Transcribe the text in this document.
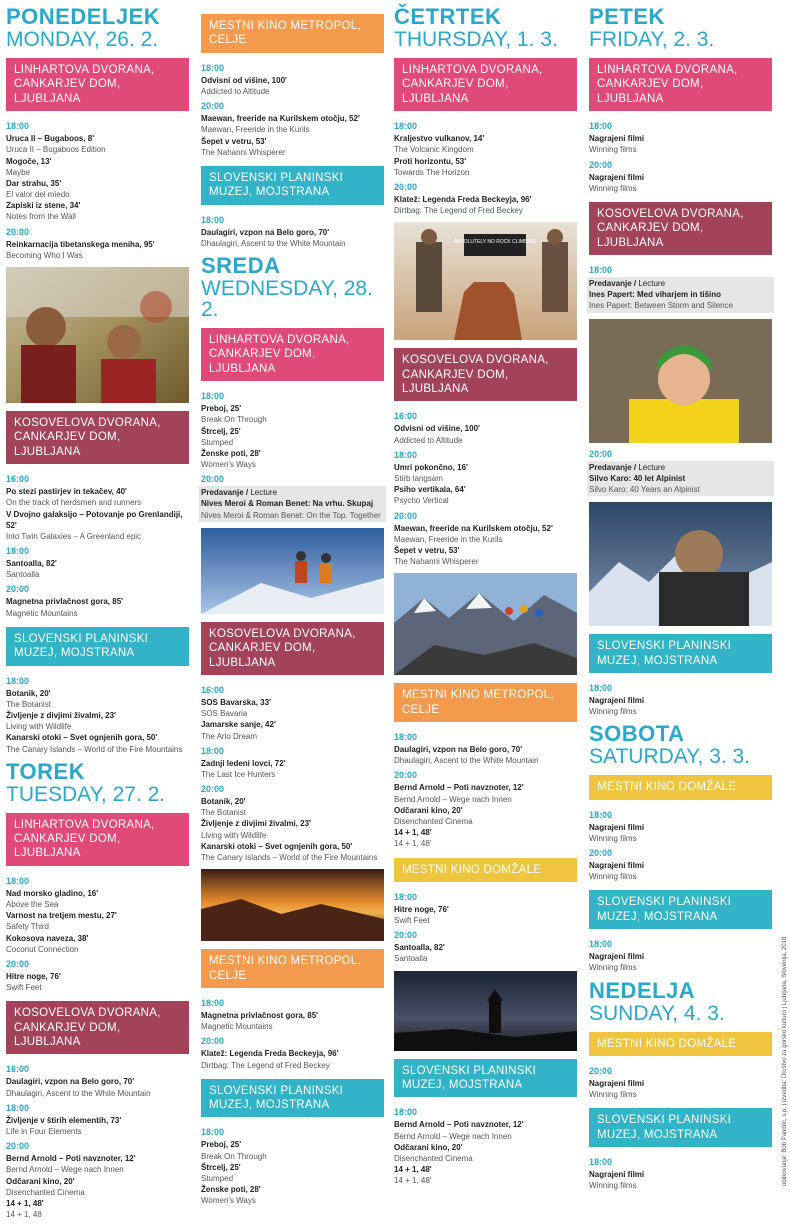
PONEDELJEK
MONDAY, 26. 2.
LINHARTOVA DVORANA, CANKARJEV DOM, LJUBLJANA
18:00
Uruca II – Bugaboos, 8'
Uruca II – Bugaboos Edition
Mogoče, 13'
Maybe
Dar strahu, 35'
El valor del miedo
Zapiski iz stene, 34'
Notes from the Wall
20:00
Reinkarnacija tibetanskega meniha, 95'
Becoming Who I Was
KOSOVELOVA DVORANA, CANKARJEV DOM, LJUBLJANA
16:00
Po stezi pastirjev in tekačev, 40'
On the track of herdsmen and runners
V Dvojno galaksijo – Potovanje po Grenlandiji, 52'
Into Twin Galaxies – A Greenland epic
18:00
Santoalla, 82'
Santoalla
20:00
Magnetna privlačnost gora, 85'
Magnetic Mountains
SLOVENSKI PLANINSKI MUZEJ, MOJSTRANA
18:00
Botanik, 20'
The Botanist
Življenje z divjimi živalmi, 23'
Living with Wildlife
Kanarski otoki – Svet ognjenih gora, 50'
The Canary Islands – World of the Fire Mountains
TOREK
TUESDAY, 27. 2.
LINHARTOVA DVORANA, CANKARJEV DOM, LJUBLJANA
18:00
Nad morsko gladino, 16'
Above the Sea
Varnost na tretjem mestu, 27'
Safety Third
Kokosova naveza, 38'
Coconut Connection
20:00
Hitre noge, 76'
Swift Feet
KOSOVELOVA DVORANA, CANKARJEV DOM, LJUBLJANA
16:00
Daulagiri, vzpon na Belo goro, 70'
Dhaulagiri, Ascent to the White Mountain
18:00
Življenje v štirih elementih, 73'
Life in Four Elements
20:00
Bernd Arnold – Poti navznoter, 12'
Bernd Arnold – Wege nach Innen
Odčarani kino, 20'
Disenchanted Cinema
14 + 1, 48'
14 + 1, 48
MESTNI KINO METROPOL, CELJE
18:00
Odvisni od višine, 100'
Addicted to Altitude
20:00
Maewan, freeride na Kurilskem otočju, 52'
Maewan, Freeride in the Kurils
Šepet v vetru, 53'
The Nahanni Whisperer
SLOVENSKI PLANINSKI MUZEJ, MOJSTRANA
18:00
Daulagiri, vzpon na Belo goro, 70'
Dhaulagiri, Ascent to the White Mountain
SREDA
WEDNESDAY, 28. 2.
LINHARTOVA DVORANA, CANKARJEV DOM, LJUBLJANA
18:00
Preboj, 25'
Break On Through
Štrcelj, 25'
Stumped
Ženske poti, 28'
Women's Ways
20:00
Predavanje / Lecture
Nives Meroi & Roman Benet: Na vrhu. Skupaj
Nives Meroi & Roman Benet: On the Top. Together
KOSOVELOVA DVORANA, CANKARJEV DOM, LJUBLJANA
16:00
SOS Bavarska, 33'
SOS Bavaria
Jamarske sanje, 42'
The Ario Dream
18:00
Zadnji ledeni lovci, 72'
The Last Ice Hunters
20:00
Botanik, 20'
The Botanist
Življenje z divjimi živalmi, 23'
Living with Wildlife
Kanarski otoki – Svet ognjenih gora, 50'
The Canary Islands – World of the Fire Mountains
MESTNI KINO METROPOL, CELJE
18:00
Magnetna privlačnost gora, 85'
Magnetic Mountains
20:00
Klatež: Legenda Freda Beckeyja, 96'
Dirtbag: The Legend of Fred Beckey
SLOVENSKI PLANINSKI MUZEJ, MOJSTRANA
18:00
Preboj, 25'
Break On Through
Štrcelj, 25'
Stumped
Ženske poti, 28'
Women's Ways
ČETRTEK
THURSDAY, 1. 3.
LINHARTOVA DVORANA, CANKARJEV DOM, LJUBLJANA
18:00
Kraljestvo vulkanov, 14'
The Volcanic Kingdom
Proti horizontu, 53'
Towards The Horizon
20:00
Klatež: Legenda Freda Beckeyja, 96'
Dirtbag: The Legend of Fred Beckey
ABSOLUTELY NO ROCK CLIMBING
KOSOVELOVA DVORANA, CANKARJEV DOM, LJUBLJANA
16:00
Odvisni od višine, 100'
Addicted to Altitude
18:00
Umri pokončno, 16'
Stirb langsam
Psiho vertikala, 64'
Psycho Vertical
20:00
Maewan, freeride na Kurilskem otočju, 52'
Maewan, Freeride in the Kurils
Šepet v vetru, 53'
The Nahanni Whisperer
MESTNI KINO METROPOL, CELJE
18:00
Daulagiri, vzpon na Belo goro, 70'
Dhaulagiri, Ascent to the White Mountain
20:00
Bernd Arnold – Poti navznoter, 12'
Bernd Arnold – Wege nach Innen
Odčarani kino, 20'
Disenchanted Cinema
14 + 1, 48'
14 + 1, 48'
MESTNI KINO DOMŽALE
18:00
Hitre noge, 76'
Swift Feet
20:00
Santoalla, 82'
Santoalla
SLOVENSKI PLANINSKI MUZEJ, MOJSTRANA
18:00
Bernd Arnold – Poti navznoter, 12'
Bernd Arnold – Wege nach Innen
Odčarani kino, 20'
Disenchanted Cinema
14 + 1, 48'
14 + 1, 48'
PETEK
FRIDAY, 2. 3.
LINHARTOVA DVORANA, CANKARJEV DOM, LJUBLJANA
18:00
Nagrajeni filmi
Winning films
20:00
Nagrajeni filmi
Winning films
KOSOVELOVA DVORANA, CANKARJEV DOM, LJUBLJANA
18:00
Predavanje / Lecture
Ines Papert: Med viharjem in tišino
Ines Papert: Between Storm and Silence
20:00
Predavanje / Lecture
Silvo Karo: 40 let Alpinist
Silvo Karo: 40 Years an Alpinist
SLOVENSKI PLANINSKI MUZEJ, MOJSTRANA
18:00
Nagrajeni filmi
Winning films
SOBOTA
SATURDAY, 3. 3.
MESTNI KINO DOMŽALE
18:00
Nagrajeni filmi
Winning films
20:00
Nagrajeni filmi
Winning films
SLOVENSKI PLANINSKI MUZEJ, MOJSTRANA
18:00
Nagrajeni filmi
Winning films
NEDELJA
SUNDAY, 4. 3.
MESTNI KINO DOMŽALE
20:00
Nagrajeni filmi
Winning films
SLOVENSKI PLANINSKI MUZEJ, MOJSTRANA
18:00
Nagrajeni filmi
Winning films	oblikovanje: Bob Pandric, s.p. | izvedba: Društvo za gorsko kulturo | Ljubljana, Slovenija, 2018
